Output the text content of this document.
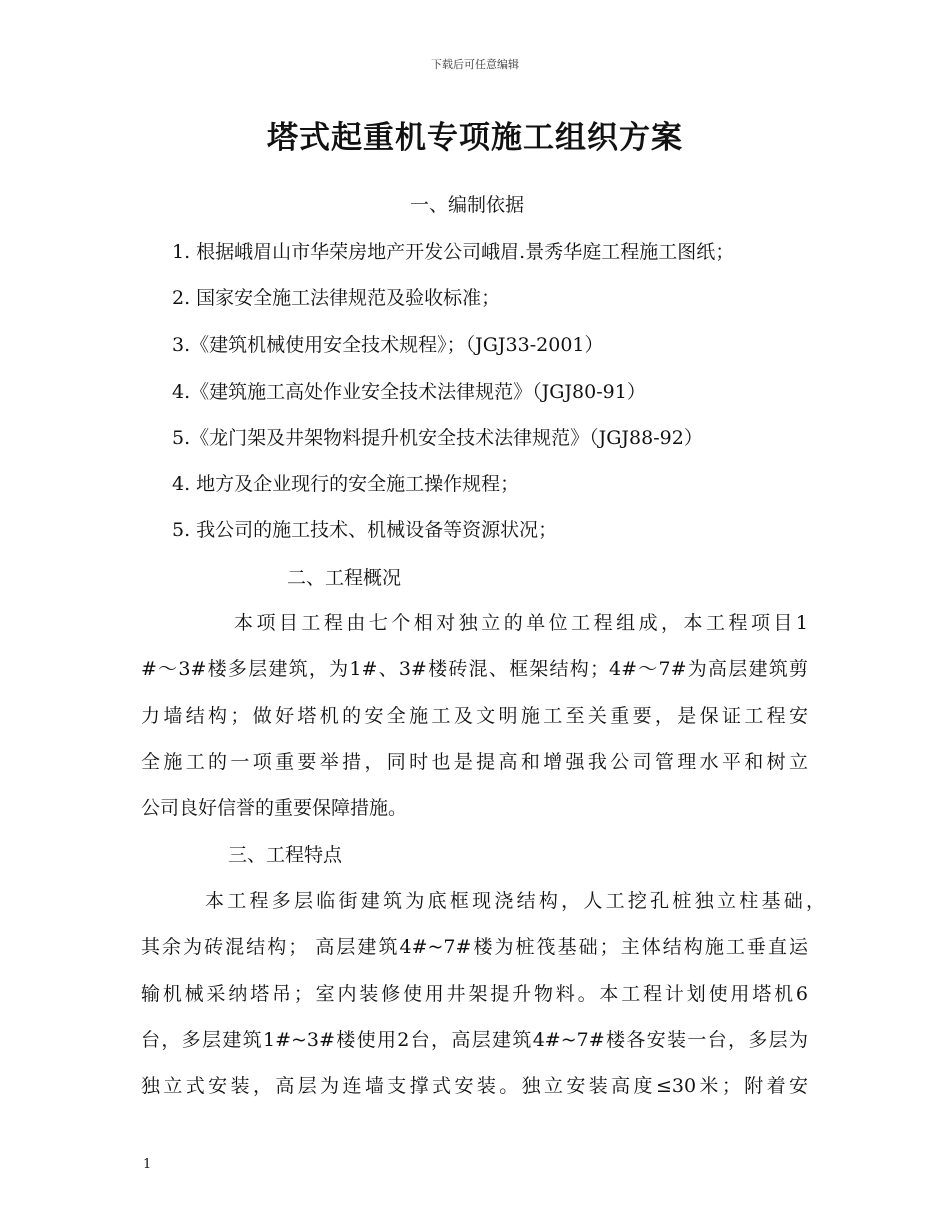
下载后可任意编辑
塔式起重机专项施工组织方案
一、编制依据
1. 根据峨眉山市华荣房地产开发公司峨眉.景秀华庭工程施工图纸；
2. 国家安全施工法律规范及验收标准；
3.《建筑机械使用安全技术规程》；（JGJ33-2001）
4.《建筑施工高处作业安全技术法律规范》（JGJ80-91）
5.《龙门架及井架物料提升机安全技术法律规范》（JGJ88-92）
4. 地方及企业现行的安全施工操作规程；
5. 我公司的施工技术、机械设备等资源状况；
二、工程概况
本项目工程由七个相对独立的单位工程组成，本工程项目1
#～3#楼多层建筑，为1#、3#楼砖混、框架结构；4#～7#为高层建筑剪
力墙结构；做好塔机的安全施工及文明施工至关重要，是保证工程安
全施工的一项重要举措，同时也是提高和增强我公司管理水平和树立
公司良好信誉的重要保障措施。
三、工程特点
本工程多层临街建筑为底框现浇结构，人工挖孔桩独立柱基础，
其余为砖混结构； 高层建筑4#~7#楼为桩筏基础；主体结构施工垂直运
输机械采纳塔吊；室内装修使用井架提升物料。本工程计划使用塔机6
台，多层建筑1#~3#楼使用2台，高层建筑4#~7#楼各安装一台，多层为
独立式安装，高层为连墙支撑式安装。独立安装高度≤30米；附着安
1
